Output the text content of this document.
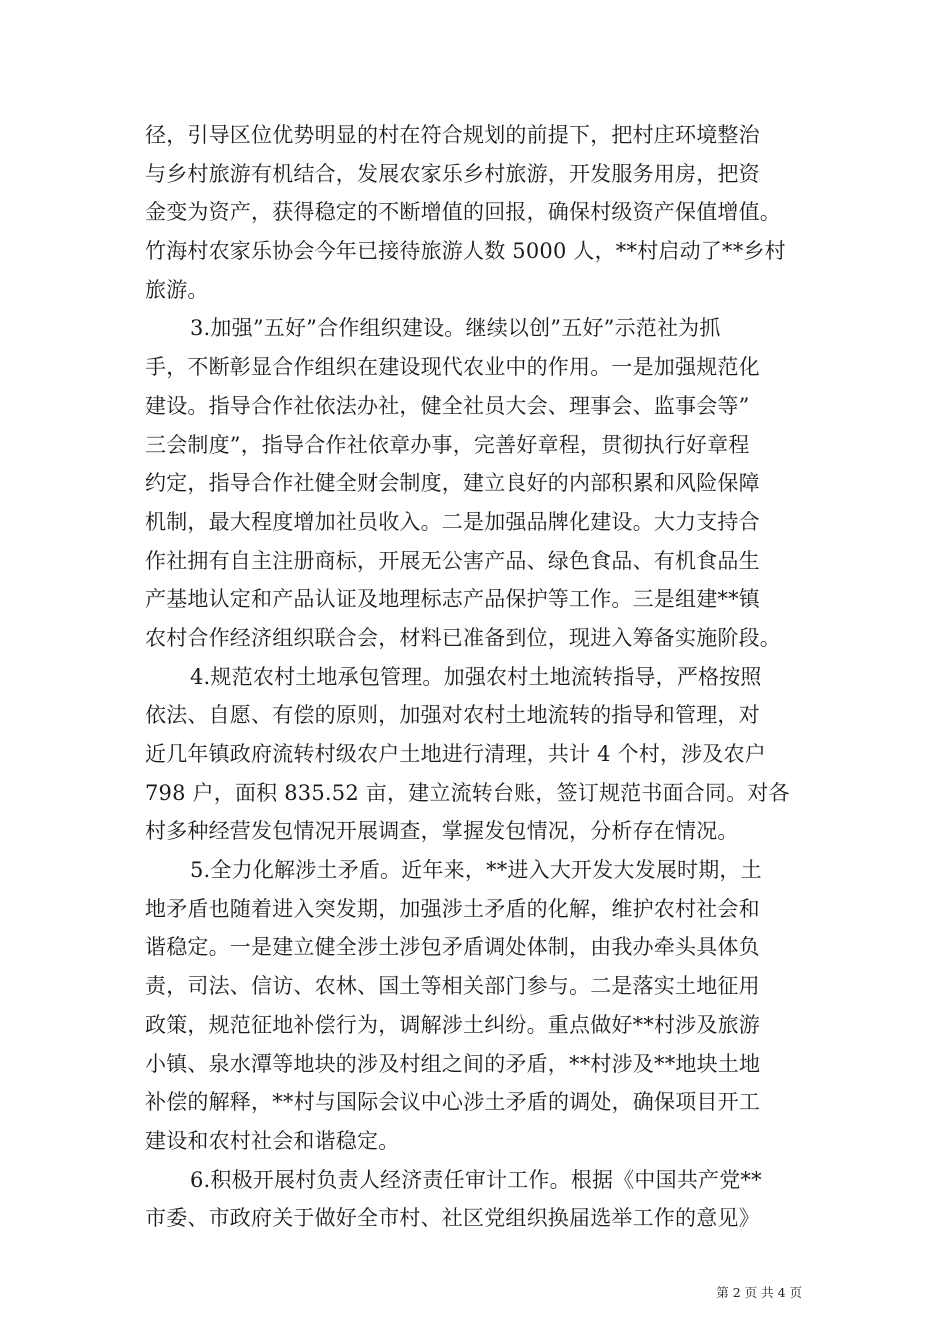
径，引导区位优势明显的村在符合规划的前提下，把村庄环境整治
与乡村旅游有机结合，发展农家乐乡村旅游，开发服务用房，把资
金变为资产，获得稳定的不断增值的回报，确保村级资产保值增值。
竹海村农家乐协会今年已接待旅游人数 5000 人，**村启动了**乡村
旅游。
3.加强”五好”合作组织建设。继续以创”五好”示范社为抓
手，不断彰显合作组织在建设现代农业中的作用。一是加强规范化
建设。指导合作社依法办社，健全社员大会、理事会、监事会等”
三会制度”，指导合作社依章办事，完善好章程，贯彻执行好章程
约定，指导合作社健全财会制度，建立良好的内部积累和风险保障
机制，最大程度增加社员收入。二是加强品牌化建设。大力支持合
作社拥有自主注册商标，开展无公害产品、绿色食品、有机食品生
产基地认定和产品认证及地理标志产品保护等工作。三是组建**镇
农村合作经济组织联合会，材料已准备到位，现进入筹备实施阶段。
4.规范农村土地承包管理。加强农村土地流转指导，严格按照
依法、自愿、有偿的原则，加强对农村土地流转的指导和管理，对
近几年镇政府流转村级农户土地进行清理，共计 4 个村，涉及农户
798 户，面积 835.52 亩，建立流转台账，签订规范书面合同。对各
村多种经营发包情况开展调查，掌握发包情况，分析存在情况。
5.全力化解涉土矛盾。近年来，**进入大开发大发展时期，土
地矛盾也随着进入突发期，加强涉土矛盾的化解，维护农村社会和
谐稳定。一是建立健全涉土涉包矛盾调处体制，由我办牵头具体负
责，司法、信访、农林、国土等相关部门参与。二是落实土地征用
政策，规范征地补偿行为，调解涉土纠纷。重点做好**村涉及旅游
小镇、泉水潭等地块的涉及村组之间的矛盾，**村涉及**地块土地
补偿的解释，**村与国际会议中心涉土矛盾的调处，确保项目开工
建设和农村社会和谐稳定。
6.积极开展村负责人经济责任审计工作。根据《中国共产党**
市委、市政府关于做好全市村、社区党组织换届选举工作的意见》
第 2 页 共 4 页
